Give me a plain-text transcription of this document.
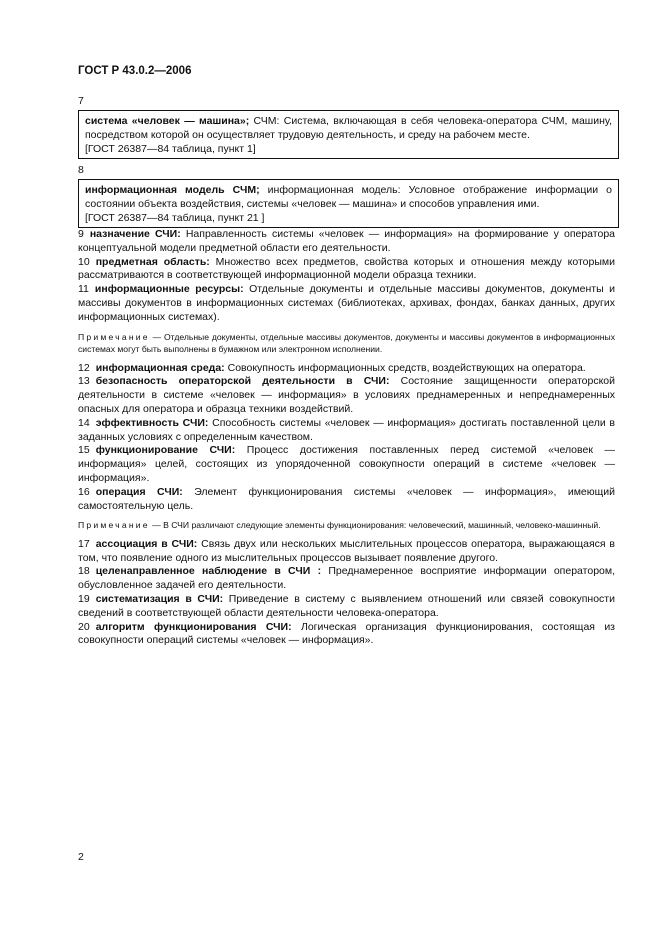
ГОСТ Р 43.0.2—2006
7
система «человек — машина»; СЧМ: Система, включающая в себя человека-оператора СЧМ, машину, посредством которой он осуществляет трудовую деятельность, и среду на рабочем месте.
[ГОСТ 26387—84 таблица, пункт 1]
8
информационная модель СЧМ; информационная модель: Условное отображение информации о состоянии объекта воздействия, системы «человек — машина» и способов управления ими.
[ГОСТ 26387—84 таблица, пункт 21 ]

9 назначение СЧИ: Направленность системы «человек — информация» на формирование у оператора концептуальной модели предметной области его деятельности.

10 предметная область: Множество всех предметов, свойства которых и отношения между которыми рассматриваются в соответствующей информационной модели образца техники.

11 информационные ресурсы: Отдельные документы и отдельные массивы документов, документы и массивы документов в информационных системах (библиотеках, архивах, фондах, банках данных, других информационных системах).

Примечание — Отдельные документы, отдельные массивы документов, документы и массивы документов в информационных системах могут быть выполнены в бумажном или электронном исполнении.

12 информационная среда: Совокупность информационных средств, воздействующих на оператора.

13 безопасность операторской деятельности в СЧИ: Состояние защищенности операторской деятельности в системе «человек — информация» в условиях преднамеренных и непреднамеренных опасных для оператора и образца техники воздействий.

14 эффективность СЧИ: Способность системы «человек — информация» достигать поставленной цели в заданных условиях с определенным качеством.

15 функционирование СЧИ: Процесс достижения поставленных перед системой «человек — информация» целей, состоящих из упорядоченной совокупности операций в системе «человек — информация».

16 операция СЧИ: Элемент функционирования системы «человек — информация», имеющий самостоятельную цель.

Примечание — В СЧИ различают следующие элементы функционирования: человеческий, машинный, человеко-машинный.

17 ассоциация в СЧИ: Связь двух или нескольких мыслительных процессов оператора, выражающаяся в том, что появление одного из мыслительных процессов вызывает появление другого.

18 целенаправленное наблюдение в СЧИ : Преднамеренное восприятие информации оператором, обусловленное задачей его деятельности.

19 систематизация в СЧИ: Приведение в систему с выявлением отношений или связей совокупности сведений в соответствующей области деятельности человека-оператора.

20 алгоритм функционирования СЧИ: Логическая организация функционирования, состоящая из совокупности операций системы «человек — информация».

2
